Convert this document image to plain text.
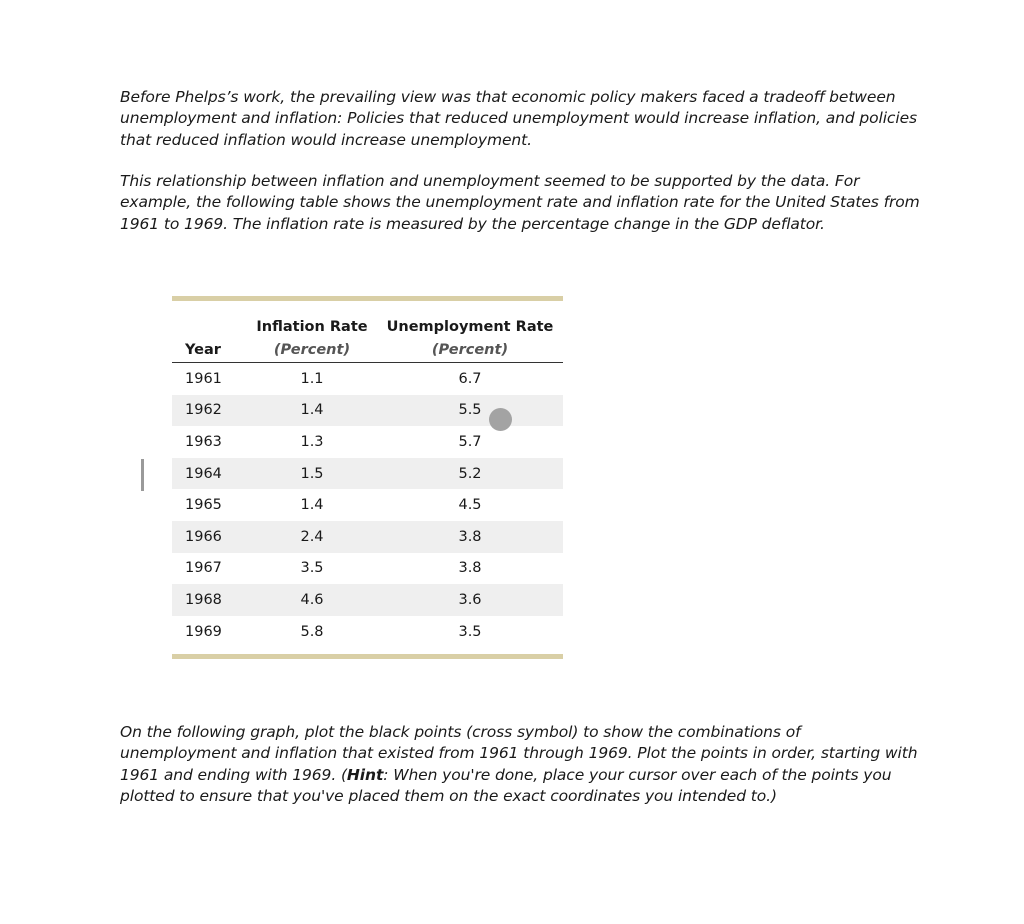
Before Phelps’s work, the prevailing view was that economic policy makers faced a tradeoff between unemployment and inflation: Policies that reduced unemployment would increase inflation, and policies that reduced inflation would increase unemployment.

This relationship between inflation and unemployment seemed to be supported by the data. For example, the following table shows the unemployment rate and inflation rate for the United States from 1961 to 1969. The inflation rate is measured by the percentage change in the GDP deflator.

	Inflation Rate	Unemployment Rate
Year	(Percent)	(Percent)
1961	1.1	6.7
1962	1.4	5.5
1963	1.3	5.7
1964	1.5	5.2
1965	1.4	4.5
1966	2.4	3.8
1967	3.5	3.8
1968	4.6	3.6
1969	5.8	3.5

On the following graph, plot the black points (cross symbol) to show the combinations of unemployment and inflation that existed from 1961 through 1969. Plot the points in order, starting with 1961 and ending with 1969. (Hint: When you're done, place your cursor over each of the points you plotted to ensure that you've placed them on the exact coordinates you intended to.)
